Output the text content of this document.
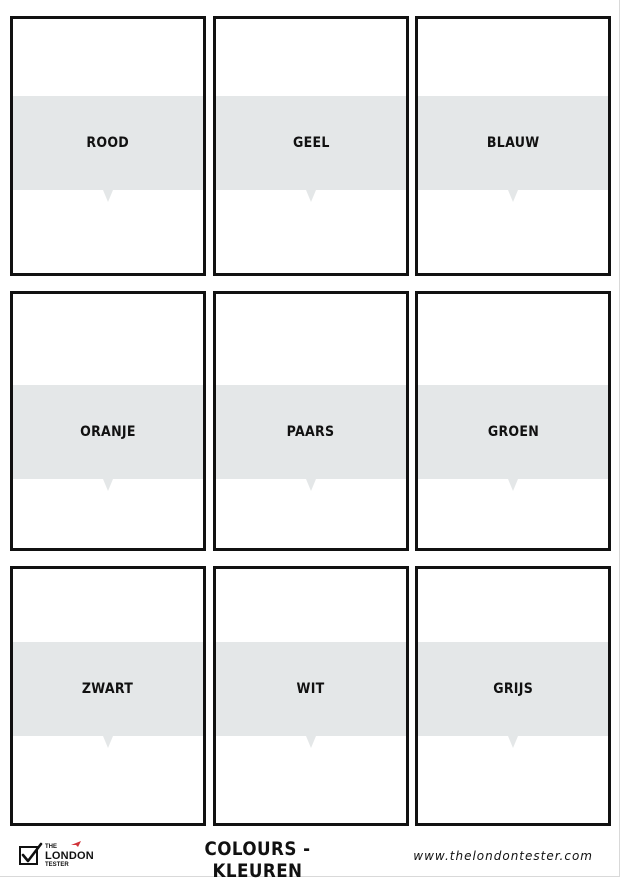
ROOD	GEEL	BLAUW
ORANJE	PAARS	GROEN
ZWART	WIT	GRIJS
THE
LONDON
TESTER
COLOURS - KLEUREN
www.thelondontester.com
